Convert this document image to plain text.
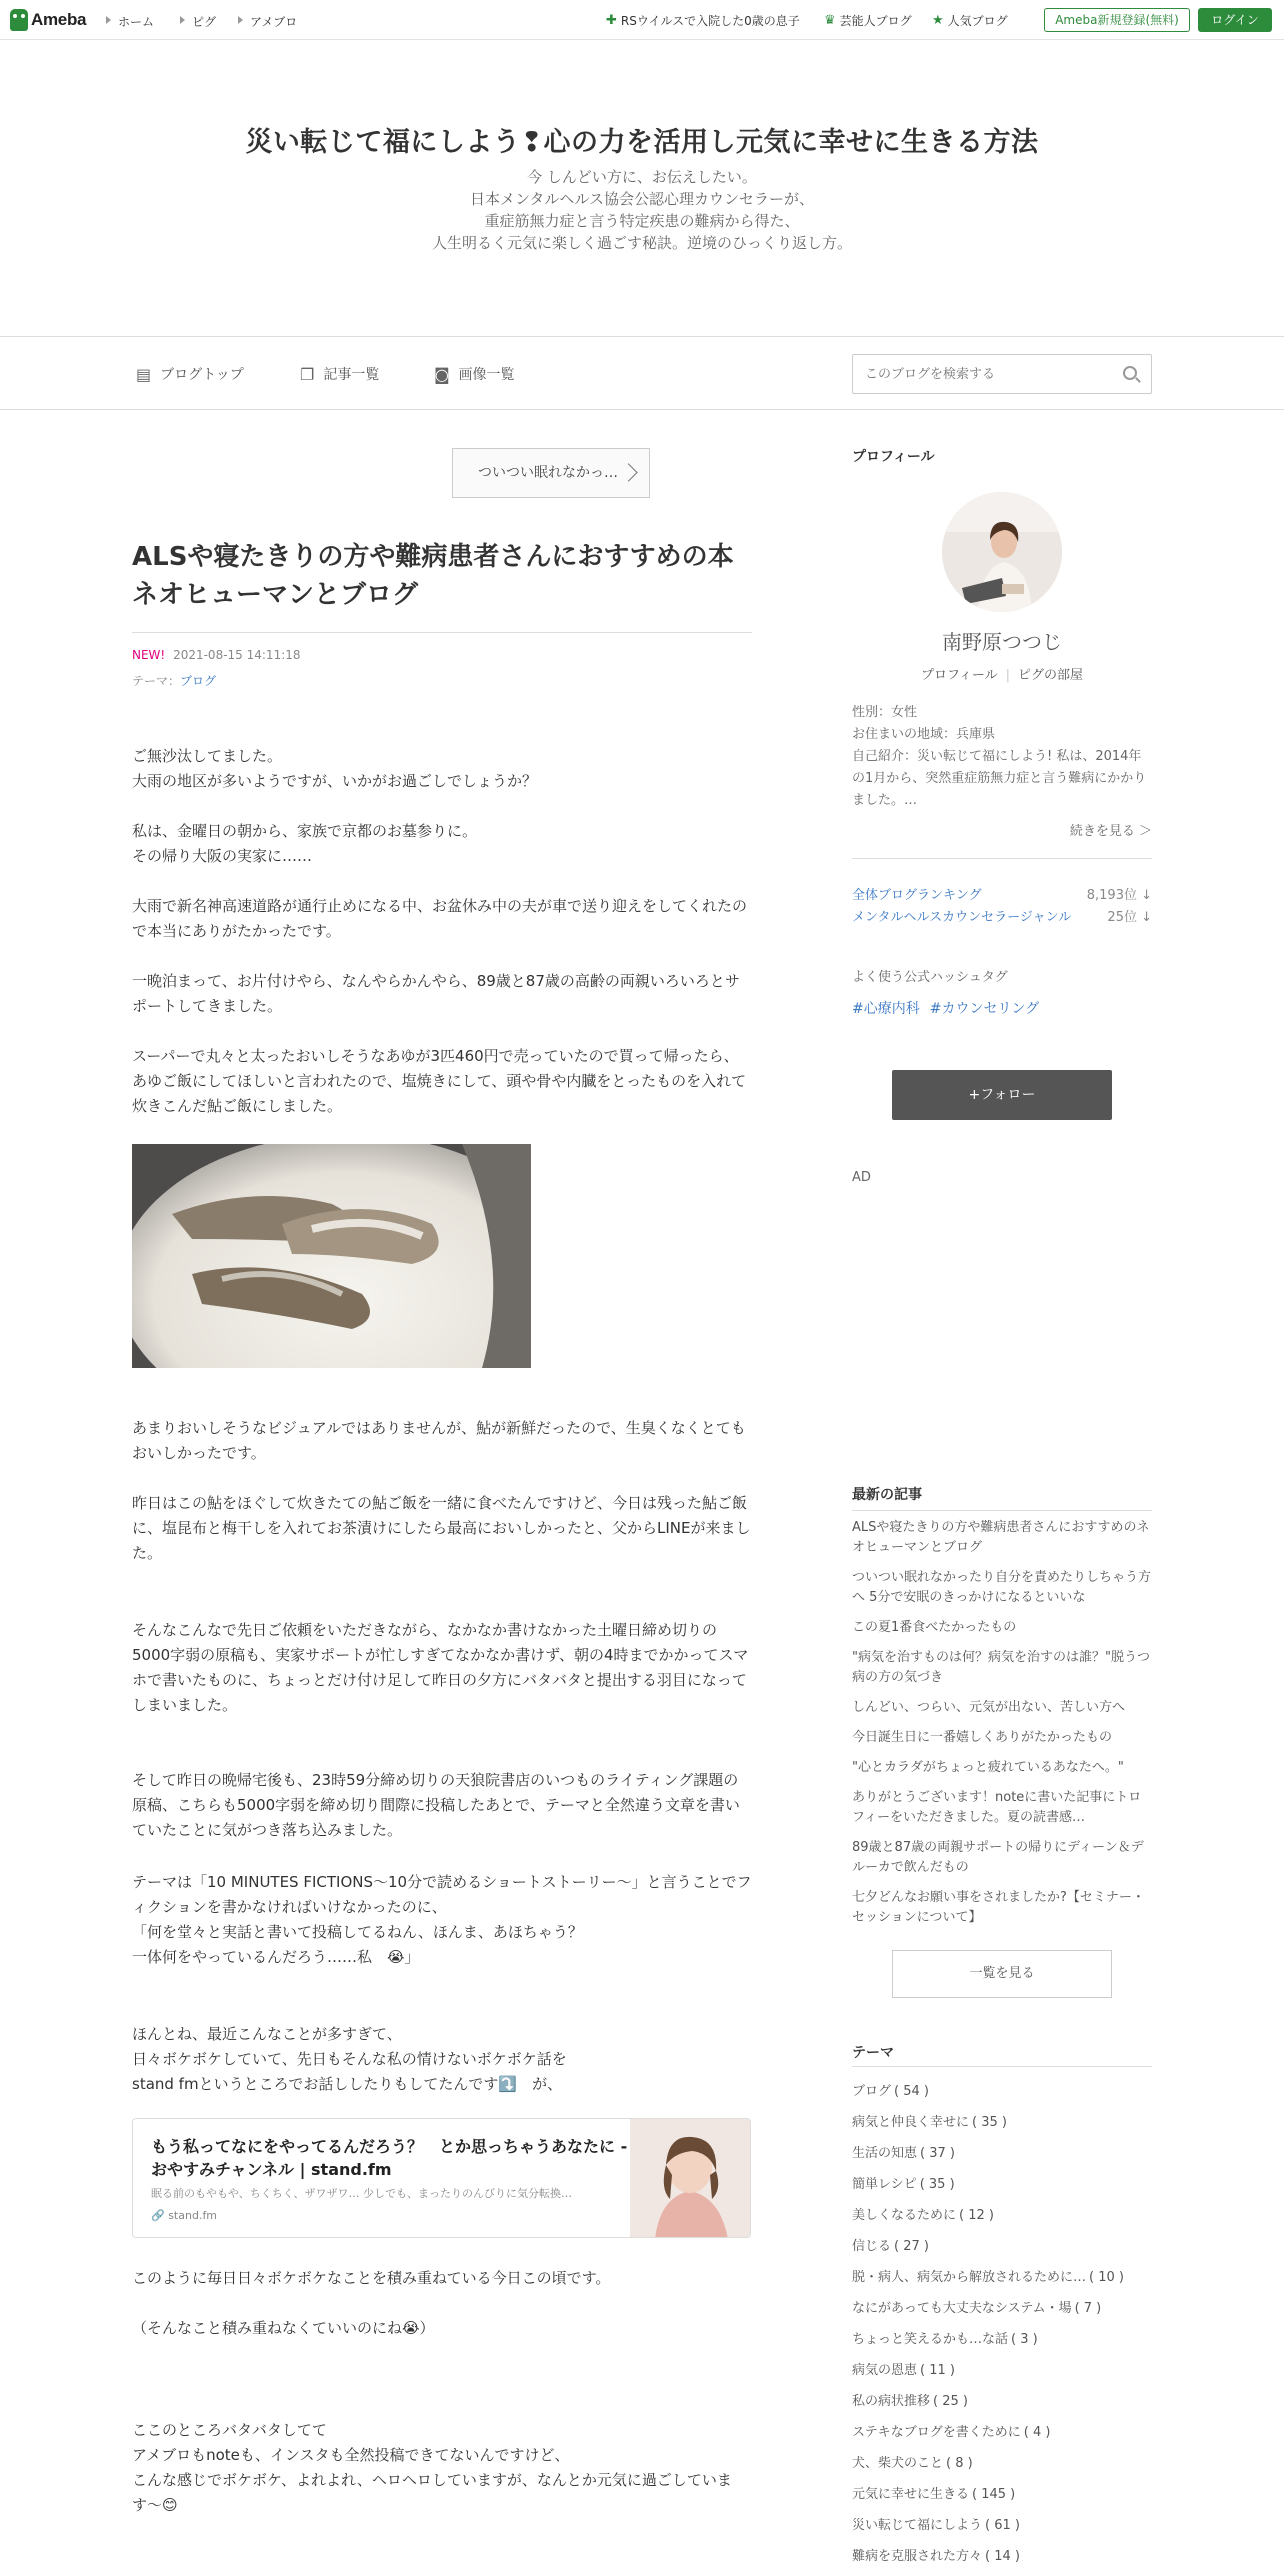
Ameba	ホーム	ピグ	アメブロ	✚ RSウイルスで入院した0歳の息子 ♛ 芸能人ブログ ★ 人気ブログ	Ameba新規登録(無料)	ログイン
災い転じて福にしよう❢心の力を活用し元気に幸せに生きる方法
今 しんどい方に、お伝えしたい。
日本メンタルヘルス協会公認心理カウンセラーが、
重症筋無力症と言う特定疾患の難病から得た、
人生明るく元気に楽しく過ごす秘訣。逆境のひっくり返し方。
▤ ブログトップ	❐ 記事一覧	◙ 画像一覧
このブログを検索する
ついつい眠れなかっ…
ALSや寝たきりの方や難病患者さんにおすすめの本
ネオヒューマンとブログ
NEW! 2021-08-15 14:11:18
テーマ：ブログ

ご無沙汰してました。
大雨の地区が多いようですが、いかがお過ごしでしょうか？

私は、金曜日の朝から、家族で京都のお墓参りに。
その帰り大阪の実家に……

大雨で新名神高速道路が通行止めになる中、お盆休み中の夫が車で送り迎えをしてくれたので本当にありがたかったです。

一晩泊まって、お片付けやら、なんやらかんやら、89歳と87歳の高齢の両親いろいろとサポートしてきました。

スーパーで丸々と太ったおいしそうなあゆが3匹460円で売っていたので買って帰ったら、あゆご飯にしてほしいと言われたので、塩焼きにして、頭や骨や内臓をとったものを入れて炊きこんだ鮎ご飯にしました。

あまりおいしそうなビジュアルではありませんが、鮎が新鮮だったので、生臭くなくとてもおいしかったです。

昨日はこの鮎をほぐして炊きたての鮎ご飯を一緒に食べたんですけど、今日は残った鮎ご飯に、塩昆布と梅干しを入れてお茶漬けにしたら最高においしかったと、父からLINEが来ました。

そんなこんなで先日ご依頼をいただきながら、なかなか書けなかった土曜日締め切りの5000字弱の原稿も、実家サポートが忙しすぎてなかなか書けず、朝の4時までかかってスマホで書いたものに、ちょっとだけ付け足して昨日の夕方にバタバタと提出する羽目になってしまいました。

そして昨日の晩帰宅後も、23時59分締め切りの天狼院書店のいつものライティング課題の原稿、こちらも5000字弱を締め切り間際に投稿したあとで、テーマと全然違う文章を書いていたことに気がつき落ち込みました。

テーマは「10 MINUTES FICTIONS～10分で読めるショートストーリー～」と言うことでフィクションを書かなければいけなかったのに、
「何を堂々と実話と書いて投稿してるねん、ほんま、あほちゃう？
一体何をやっているんだろう……私　😭」

ほんとね、最近こんなことが多すぎて、
日々ボケボケしていて、先日もそんな私の情けないボケボケ話を
stand fmというところでお話ししたりもしてたんです⤵️　が、

もう私ってなにをやってるんだろう？　とか思っちゃうあなたに - おやすみチャンネル | stand.fm
眠る前のもやもや、ちくちく、ザワザワ… 少しでも、まったりのんびりに気分転換…
🔗 stand.fm

このように毎日日々ボケボケなことを積み重ねている今日この頃です。

（そんなこと積み重ねなくていいのにね😭）

ここのところバタバタしてて
アメブロもnoteも、インスタも全然投稿できてないんですけど、
こんな感じでボケボケ、よれよれ、ヘロヘロしていますが、なんとか元気に過ごしています〜😊

プロフィール
南野原つつじ
プロフィール | ピグの部屋
性別：女性
お住まいの地域：兵庫県
自己紹介：災い転じて福にしよう! 私は、2014年の1月から、突然重症筋無力症と言う難病にかかりました。…
続きを見る ＞
全体ブログランキング	8,193位 ↓
メンタルヘルスカウンセラージャンル	25位 ↓
よく使う公式ハッシュタグ
#心療内科 #カウンセリング
+フォロー
AD
最新の記事
ALSや寝たきりの方や難病患者さんにおすすめのネオヒューマンとブログ
ついつい眠れなかったり自分を責めたりしちゃう方へ 5分で安眠のきっかけになるといいな
この夏1番食べたかったもの
"病気を治すものは何？病気を治すのは誰？"脱うつ病の方の気づき
しんどい、つらい、元気が出ない、苦しい方へ
今日誕生日に一番嬉しくありがたかったもの
"心とカラダがちょっと疲れているあなたへ。"
ありがとうございます！noteに書いた記事にトロフィーをいただきました。夏の読書感…
89歳と87歳の両親サポートの帰りにディーン＆デルーカで飲んだもの
七夕どんなお願い事をされましたか?【セミナー・セッションについて】
一覧を見る
テーマ
ブログ ( 54 )
病気と仲良く幸せに ( 35 )
生活の知恵 ( 37 )
簡単レシピ ( 35 )
美しくなるために ( 12 )
信じる ( 27 )
脱・病人、病気から解放されるために… ( 10 )
なにがあっても大丈夫なシステム・場 ( 7 )
ちょっと笑えるかも…な話 ( 3 )
病気の恩恵 ( 11 )
私の病状推移 ( 25 )
ステキなブログを書くために ( 4 )
犬、柴犬のこと ( 8 )
元気に幸せに生きる ( 145 )
災い転じて福にしよう ( 61 )
難病を克服された方々 ( 14 )
